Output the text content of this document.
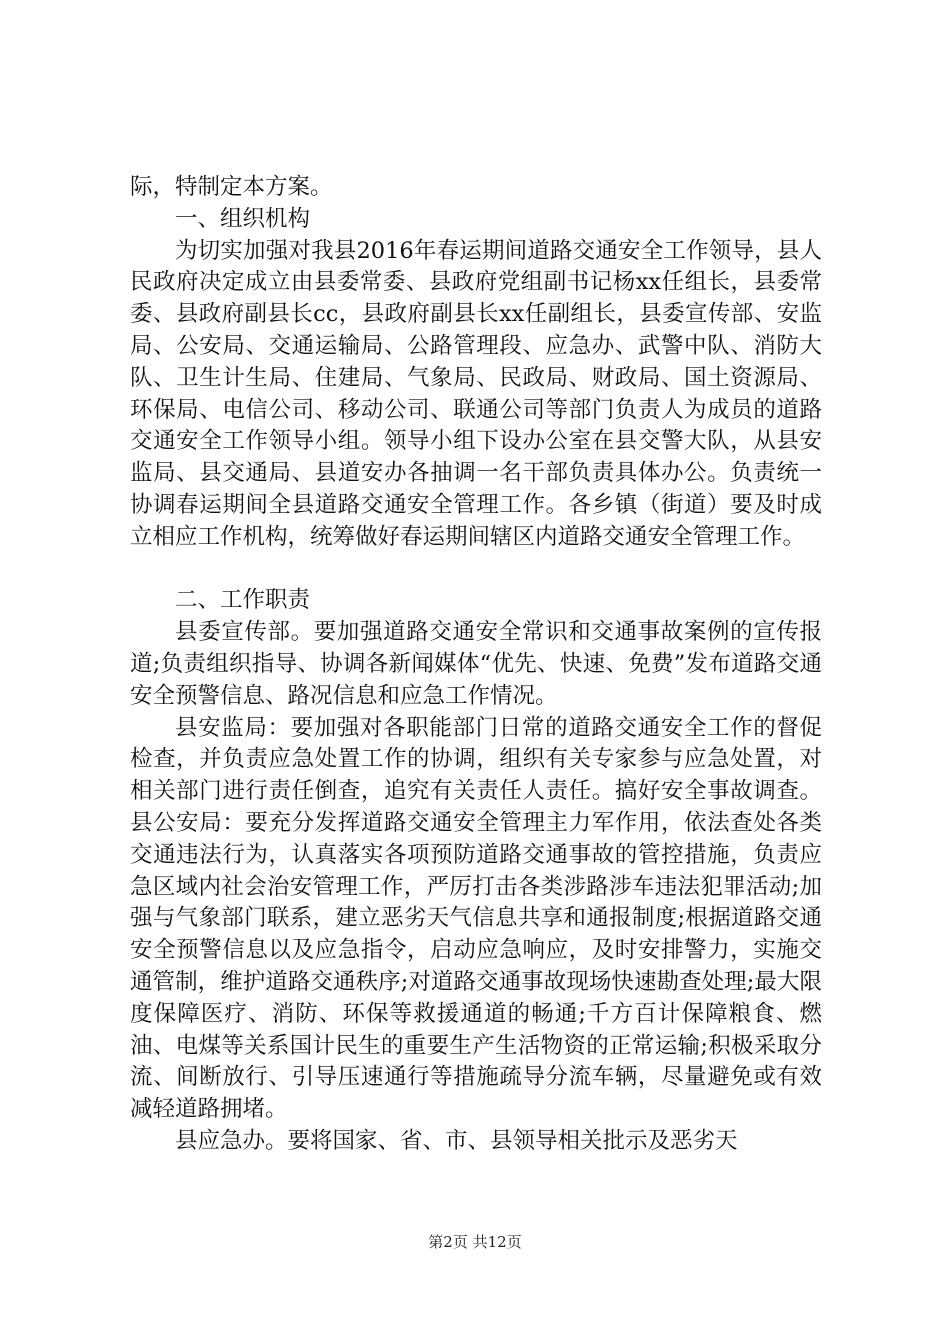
际，特制定本方案。

一、组织机构

为切实加强对我县2016年春运期间道路交通安全工作领导，县人民政府决定成立由县委常委、县政府党组副书记杨xx任组长，县委常委、县政府副县长cc，县政府副县长xx任副组长，县委宣传部、安监局、公安局、交通运输局、公路管理段、应急办、武警中队、消防大队、卫生计生局、住建局、气象局、民政局、财政局、国土资源局、环保局、电信公司、移动公司、联通公司等部门负责人为成员的道路交通安全工作领导小组。领导小组下设办公室在县交警大队，从县安监局、县交通局、县道安办各抽调一名干部负责具体办公。负责统一协调春运期间全县道路交通安全管理工作。各乡镇（街道）要及时成立相应工作机构，统筹做好春运期间辖区内道路交通安全管理工作。

二、工作职责

县委宣传部。要加强道路交通安全常识和交通事故案例的宣传报道;负责组织指导、协调各新闻媒体“优先、快速、免费”发布道路交通安全预警信息、路况信息和应急工作情况。

县安监局：要加强对各职能部门日常的道路交通安全工作的督促检查，并负责应急处置工作的协调，组织有关专家参与应急处置，对相关部门进行责任倒查，追究有关责任人责任。搞好安全事故调查。县公安局：要充分发挥道路交通安全管理主力军作用，依法查处各类交通违法行为，认真落实各项预防道路交通事故的管控措施，负责应急区域内社会治安管理工作，严厉打击各类涉路涉车违法犯罪活动;加强与气象部门联系，建立恶劣天气信息共享和通报制度;根据道路交通安全预警信息以及应急指令，启动应急响应，及时安排警力，实施交通管制，维护道路交通秩序;对道路交通事故现场快速勘查处理;最大限度保障医疗、消防、环保等救援通道的畅通;千方百计保障粮食、燃油、电煤等关系国计民生的重要生产生活物资的正常运输;积极采取分流、间断放行、引导压速通行等措施疏导分流车辆，尽量避免或有效减轻道路拥堵。

县应急办。要将国家、省、市、县领导相关批示及恶劣天

第2页 共12页
